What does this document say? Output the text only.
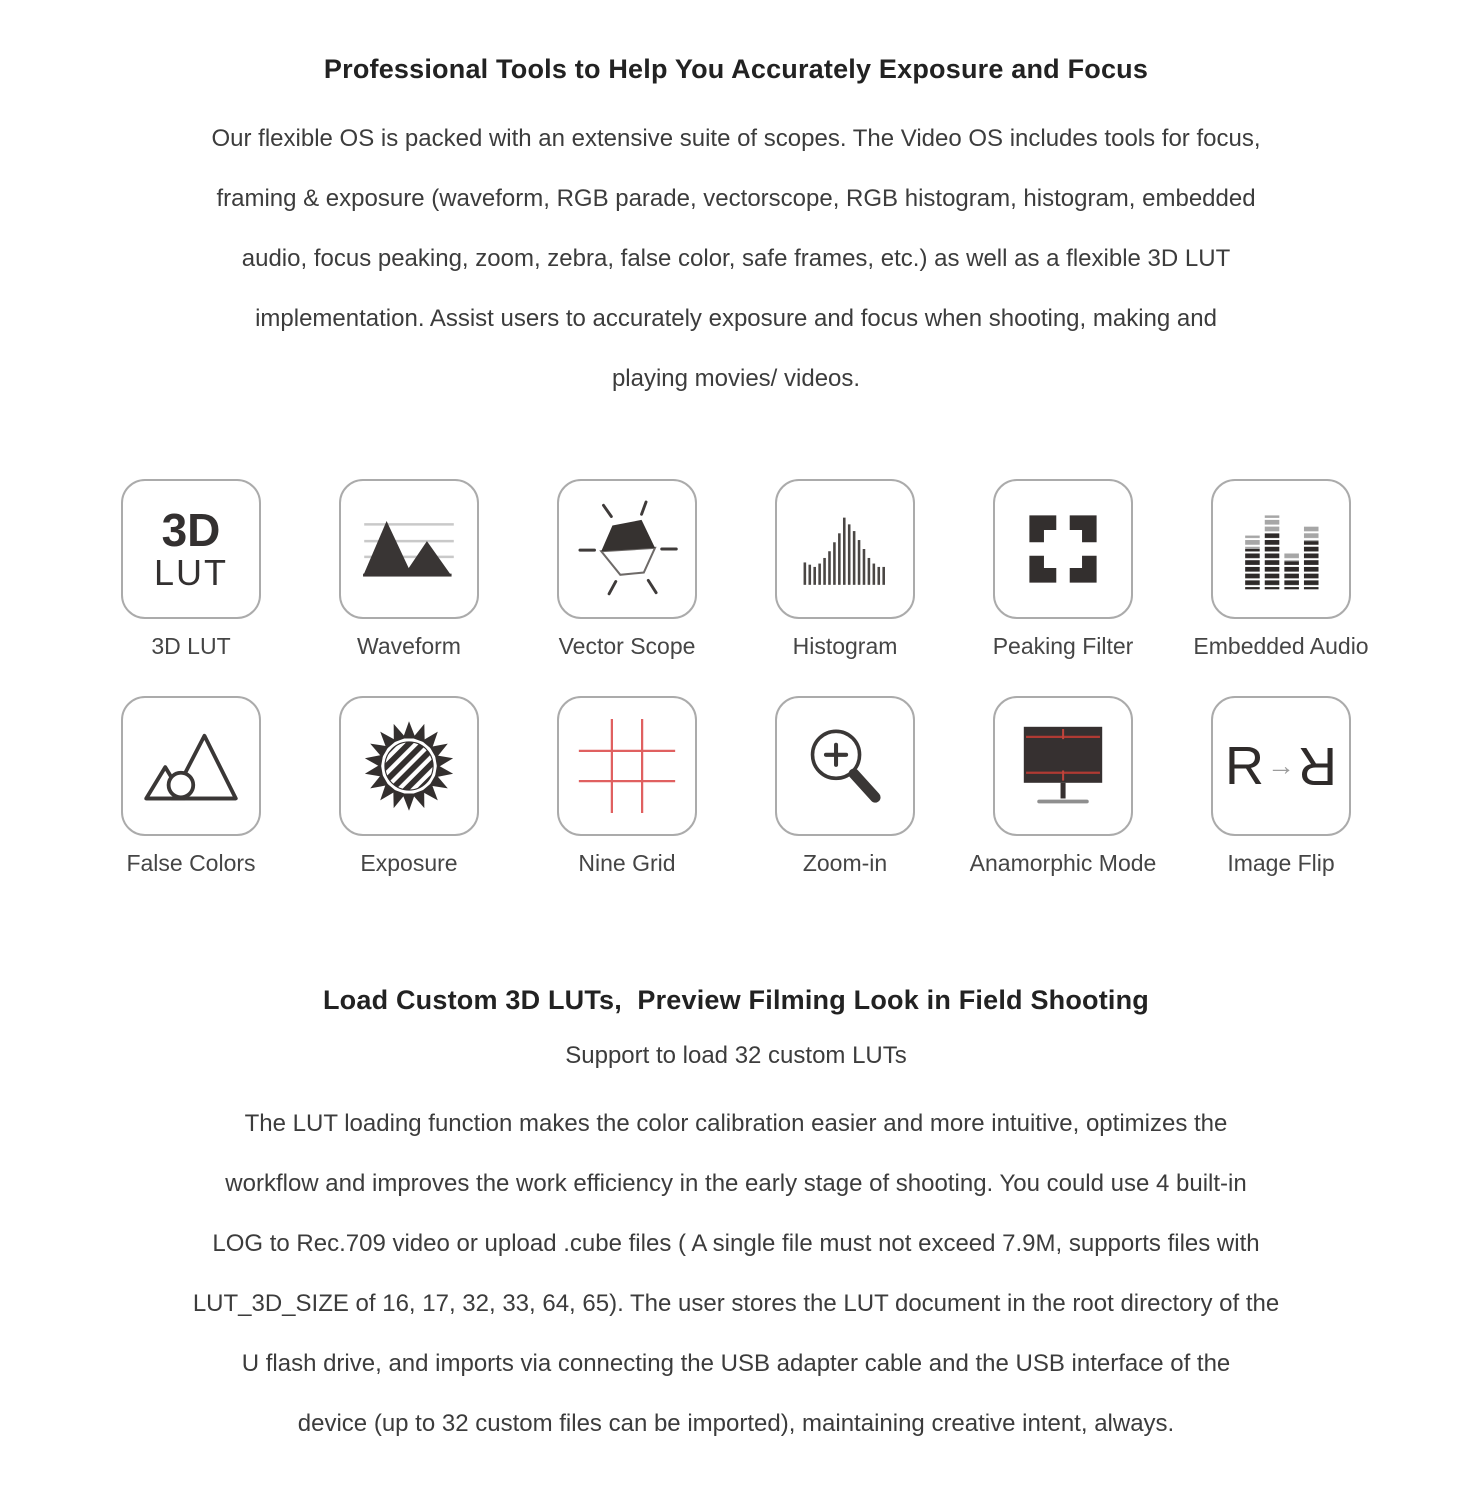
Professional Tools to Help You Accurately Exposure and Focus
Our flexible OS is packed with an extensive suite of scopes. The Video OS includes tools for focus,
framing & exposure (waveform, RGB parade, vectorscope, RGB histogram, histogram, embedded
audio, focus peaking, zoom, zebra, false color, safe frames, etc.) as well as a flexible 3D LUT
implementation. Assist users to accurately exposure and focus when shooting, making and
playing movies/ videos.
3D
LUT
3D LUT	Waveform	Vector Scope	Histogram	Peaking Filter	Embedded Audio
False Colors	Exposure	Nine Grid	Zoom-in	Anamorphic Mode
R → R
Image Flip
Load Custom 3D LUTs,  Preview Filming Look in Field Shooting
Support to load 32 custom LUTs
The LUT loading function makes the color calibration easier and more intuitive, optimizes the
workflow and improves the work efficiency in the early stage of shooting. You could use 4 built-in
LOG to Rec.709 video or upload .cube files ( A single file must not exceed 7.9M, supports files with
LUT_3D_SIZE of 16, 17, 32, 33, 64, 65). The user stores the LUT document in the root directory of the
U flash drive, and imports via connecting the USB adapter cable and the USB interface of the
device (up to 32 custom files can be imported), maintaining creative intent, always.
